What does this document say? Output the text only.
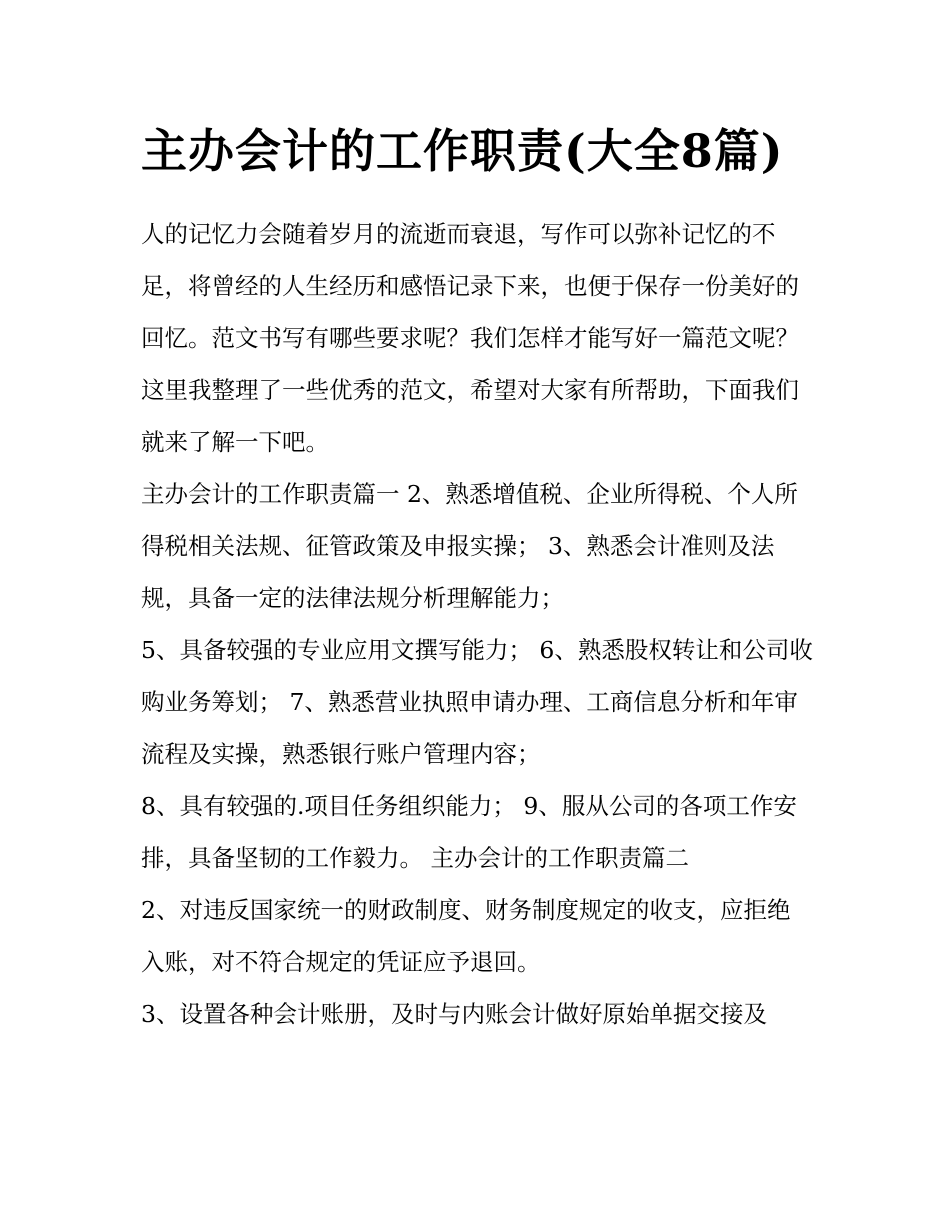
主办会计的工作职责(大全8篇)

人的记忆力会随着岁月的流逝而衰退，写作可以弥补记忆的不足，将曾经的人生经历和感悟记录下来，也便于保存一份美好的回忆。范文书写有哪些要求呢？我们怎样才能写好一篇范文呢？这里我整理了一些优秀的范文，希望对大家有所帮助，下面我们就来了解一下吧。

主办会计的工作职责篇一 2、熟悉增值税、企业所得税、个人所得税相关法规、征管政策及申报实操； 3、熟悉会计准则及法规，具备一定的法律法规分析理解能力；

5、具备较强的专业应用文撰写能力； 6、熟悉股权转让和公司收购业务筹划； 7、熟悉营业执照申请办理、工商信息分析和年审流程及实操，熟悉银行账户管理内容；

8、具有较强的.项目任务组织能力； 9、服从公司的各项工作安排，具备坚韧的工作毅力。 主办会计的工作职责篇二

2、对违反国家统一的财政制度、财务制度规定的收支，应拒绝入账，对不符合规定的凭证应予退回。

3、设置各种会计账册，及时与内账会计做好原始单据交接及
